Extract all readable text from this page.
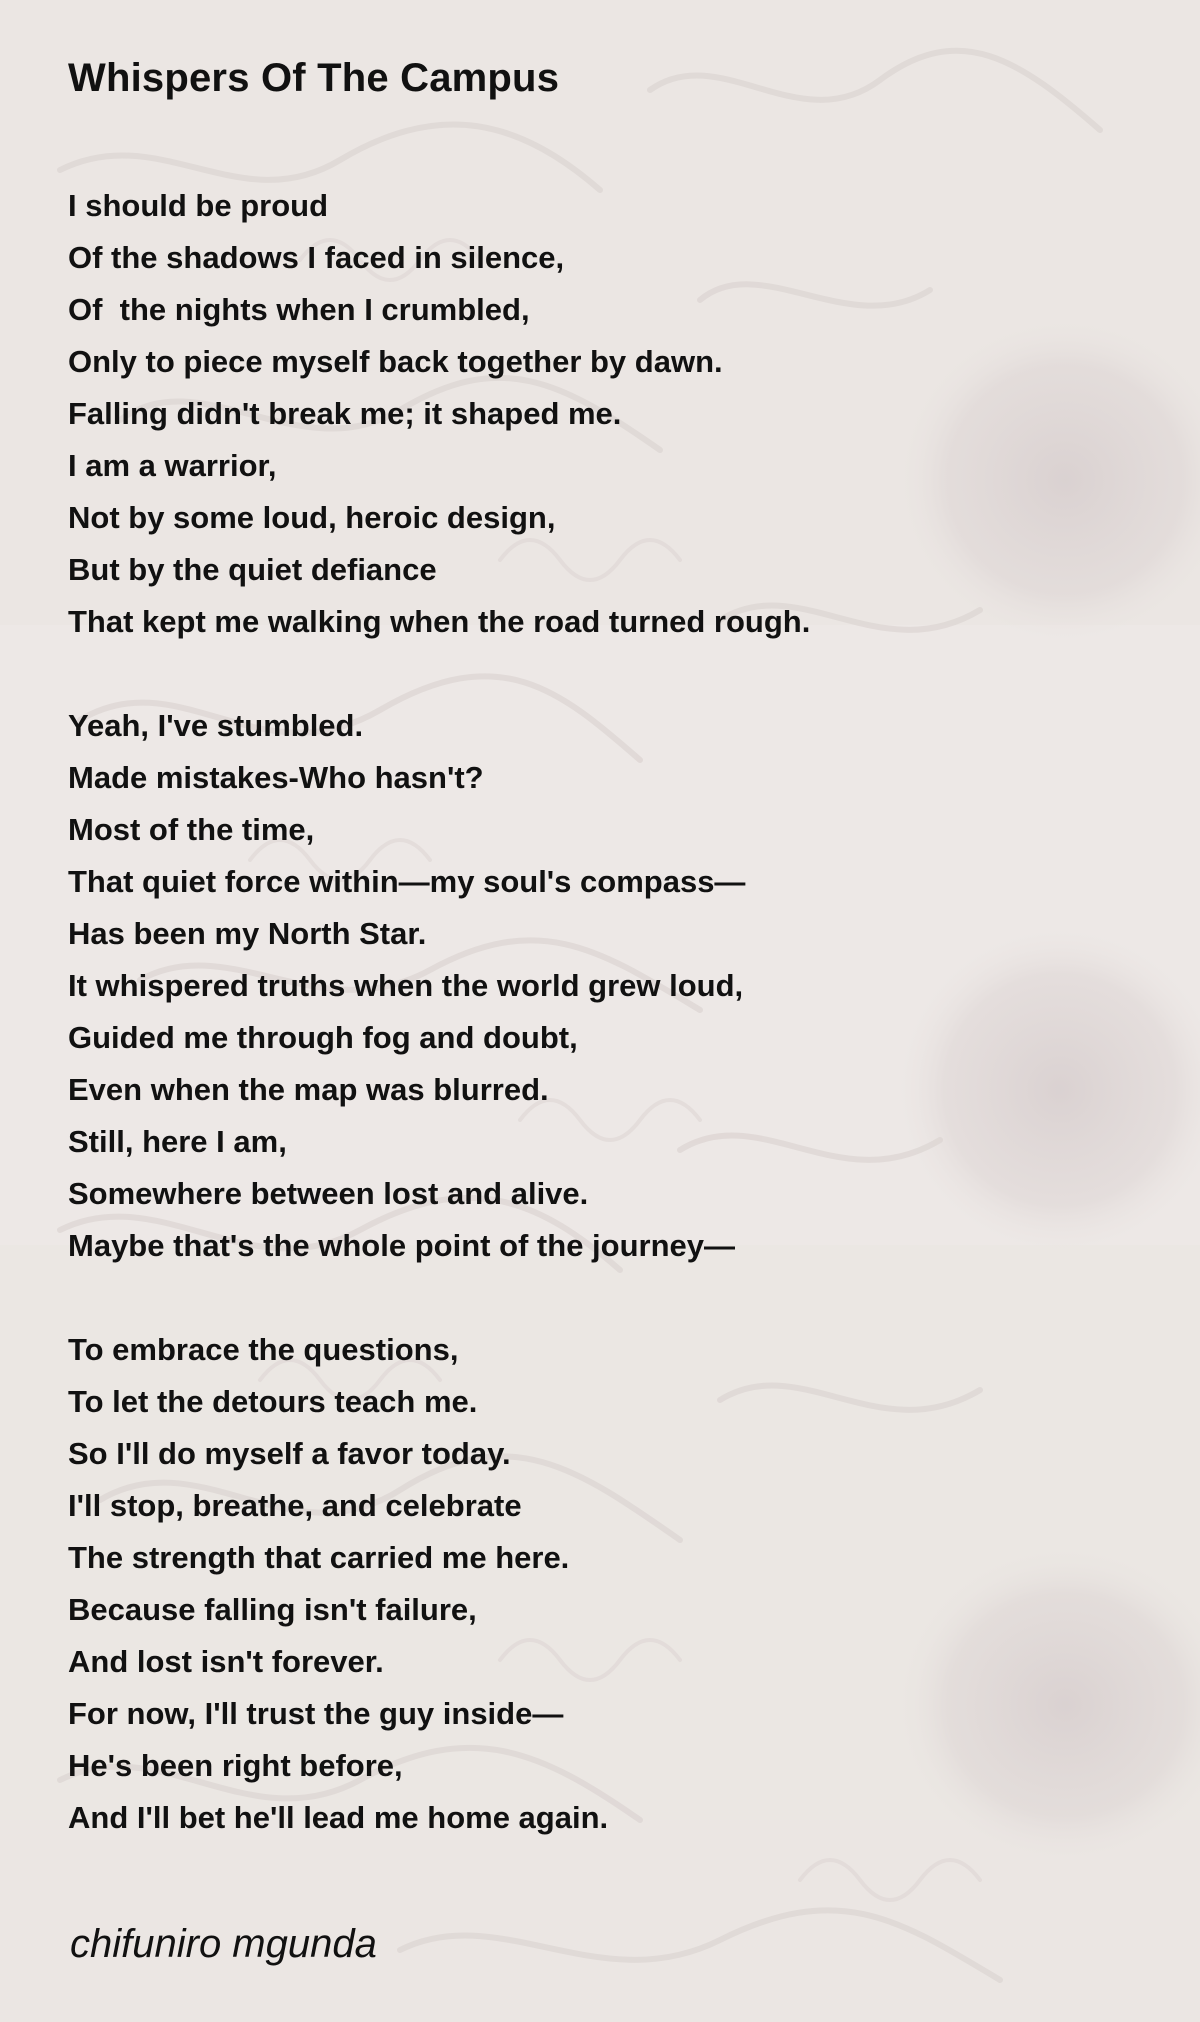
Whispers Of The Campus

I should be proud

Of the shadows I faced in silence,

Of  the nights when I crumbled,

Only to piece myself back together by dawn.

Falling didn't break me; it shaped me.

I am a warrior,

Not by some loud, heroic design,

But by the quiet defiance

That kept me walking when the road turned rough.

Yeah, I've stumbled.

Made mistakes-Who hasn't?

Most of the time,

That quiet force within—my soul's compass—

Has been my North Star.

It whispered truths when the world grew loud,

Guided me through fog and doubt,

Even when the map was blurred.

Still, here I am,

Somewhere between lost and alive.

Maybe that's the whole point of the journey—

To embrace the questions,

To let the detours teach me.

So I'll do myself a favor today.

I'll stop, breathe, and celebrate

The strength that carried me here.

Because falling isn't failure,

And lost isn't forever.

For now, I'll trust the guy inside—

He's been right before,

And I'll bet he'll lead me home again.

chifuniro mgunda
